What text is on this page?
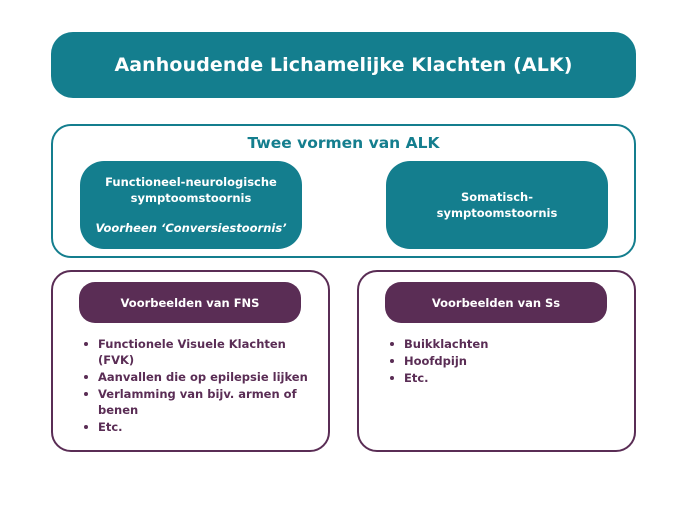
Aanhoudende Lichamelijke Klachten (ALK)
Twee vormen van ALK
Functioneel-neurologische
symptoomstoornis
Voorheen ‘Conversiestoornis’
Somatisch-
symptoomstoornis
Voorbeelden van FNS
Functionele Visuele Klachten (FVK)
Aanvallen die op epilepsie lijken
Verlamming van bijv. armen of benen
Etc.
Voorbeelden van Ss
Buikklachten
Hoofdpijn
Etc.
